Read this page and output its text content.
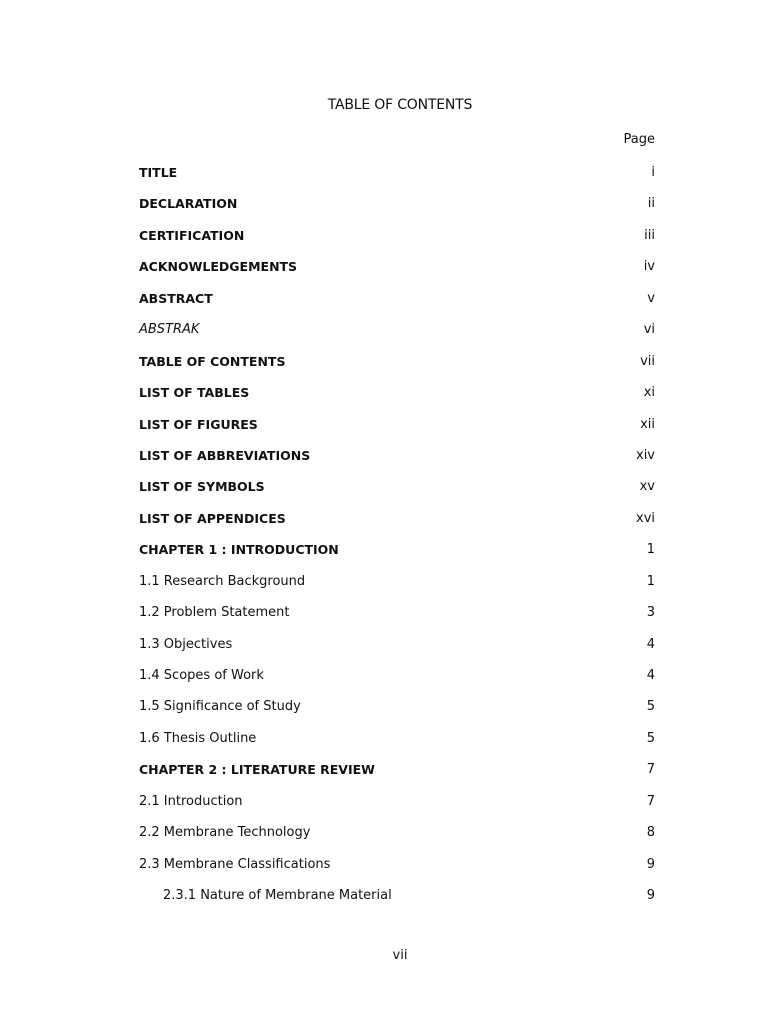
TABLE OF CONTENTS
Page
TITLE	i
DECLARATION	ii
CERTIFICATION	iii
ACKNOWLEDGEMENTS	iv
ABSTRACT	v
ABSTRAK	vi
TABLE OF CONTENTS	vii
LIST OF TABLES	xi
LIST OF FIGURES	xii
LIST OF ABBREVIATIONS	xiv
LIST OF SYMBOLS	xv
LIST OF APPENDICES	xvi
CHAPTER 1 : INTRODUCTION	1
1.1 Research Background	1
1.2 Problem Statement	3
1.3 Objectives	4
1.4 Scopes of Work	4
1.5 Significance of Study	5
1.6 Thesis Outline	5
CHAPTER 2 : LITERATURE REVIEW	7
2.1 Introduction	7
2.2 Membrane Technology	8
2.3 Membrane Classifications	9
2.3.1 Nature of Membrane Material	9
vii
